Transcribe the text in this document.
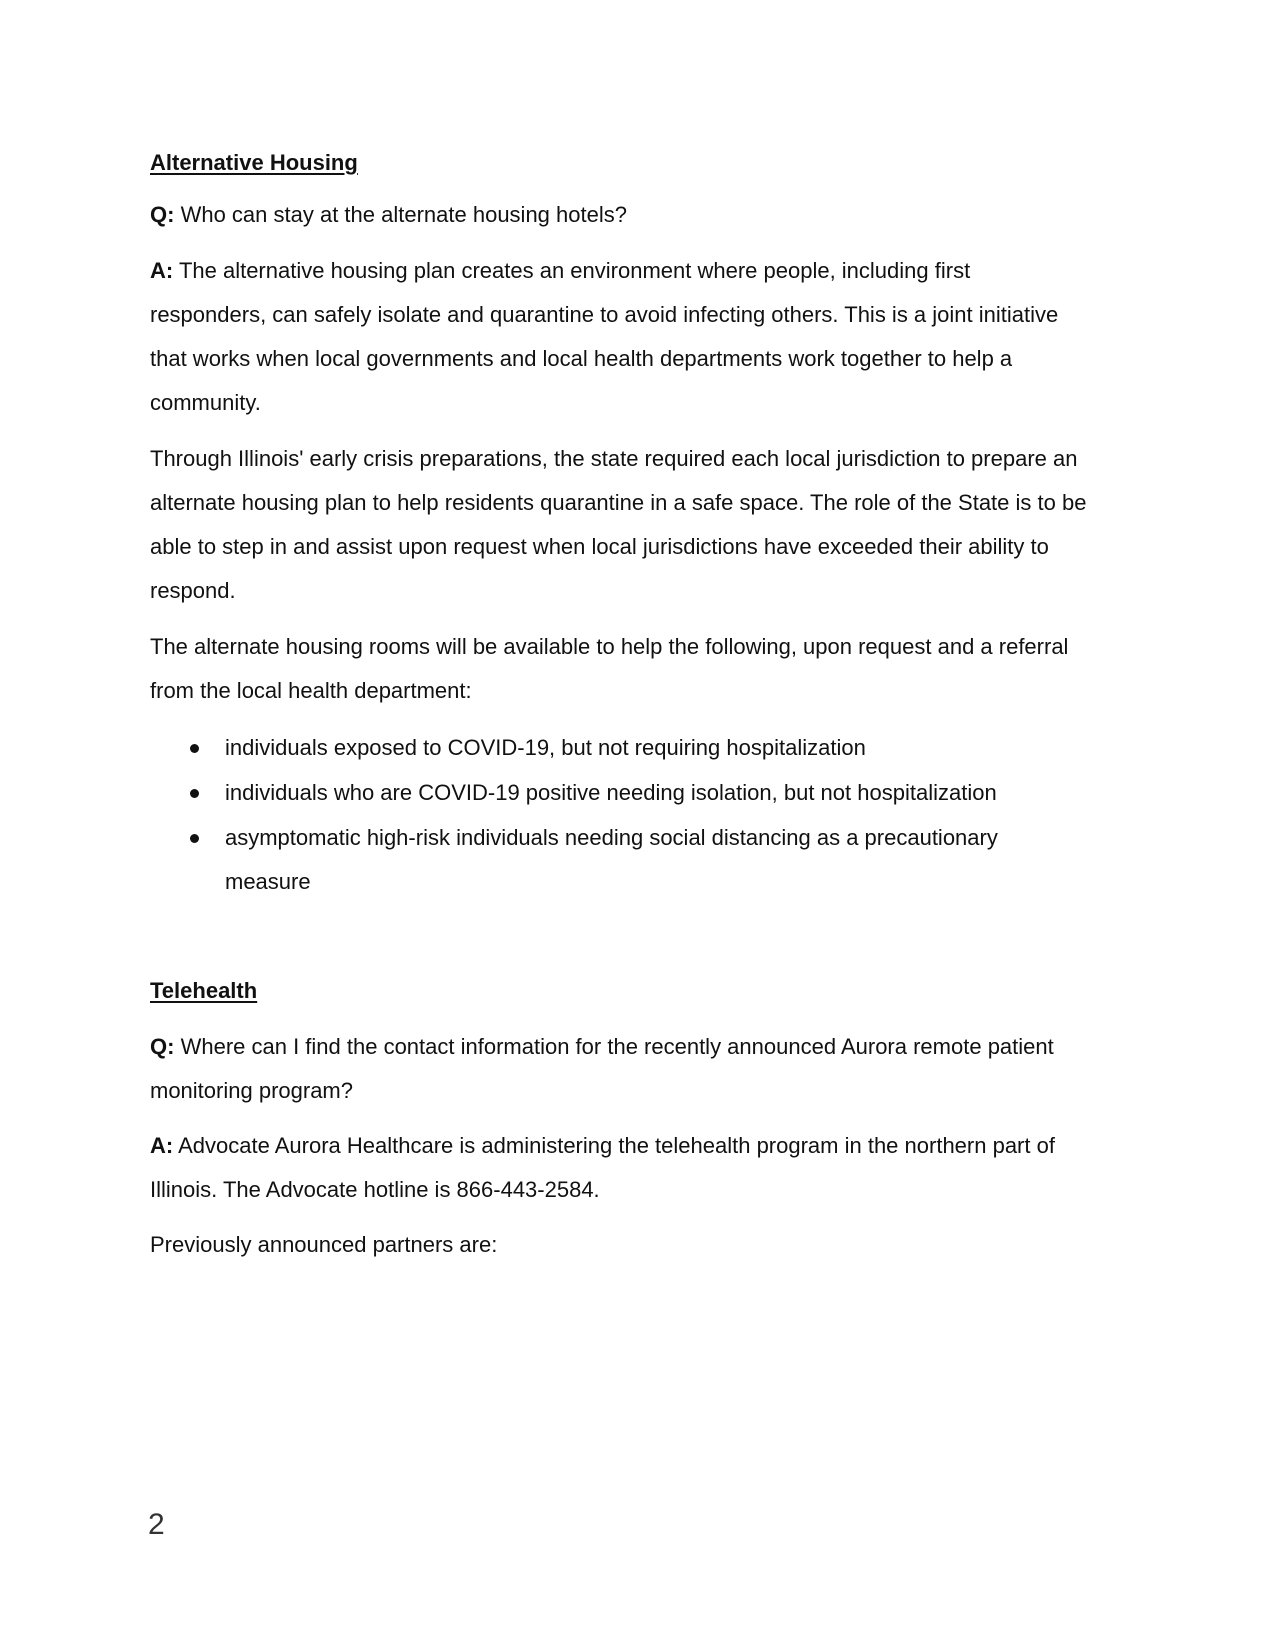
Alternative Housing
Q: Who can stay at the alternate housing hotels?
A: The alternative housing plan creates an environment where people, including first
responders, can safely isolate and quarantine to avoid infecting others. This is a joint initiative
that works when local governments and local health departments work together to help a
community.
Through Illinois' early crisis preparations, the state required each local jurisdiction to prepare an
alternate housing plan to help residents quarantine in a safe space. The role of the State is to be
able to step in and assist upon request when local jurisdictions have exceeded their ability to
respond.
The alternate housing rooms will be available to help the following, upon request and a referral
from the local health department:
individuals exposed to COVID-19, but not requiring hospitalization
individuals who are COVID-19 positive needing isolation, but not hospitalization
asymptomatic high-risk individuals needing social distancing as a precautionary
measure
Telehealth
Q: Where can I find the contact information for the recently announced Aurora remote patient
monitoring program?
A: Advocate Aurora Healthcare is administering the telehealth program in the northern part of
Illinois. The Advocate hotline is 866-443-2584.
Previously announced partners are:
2
